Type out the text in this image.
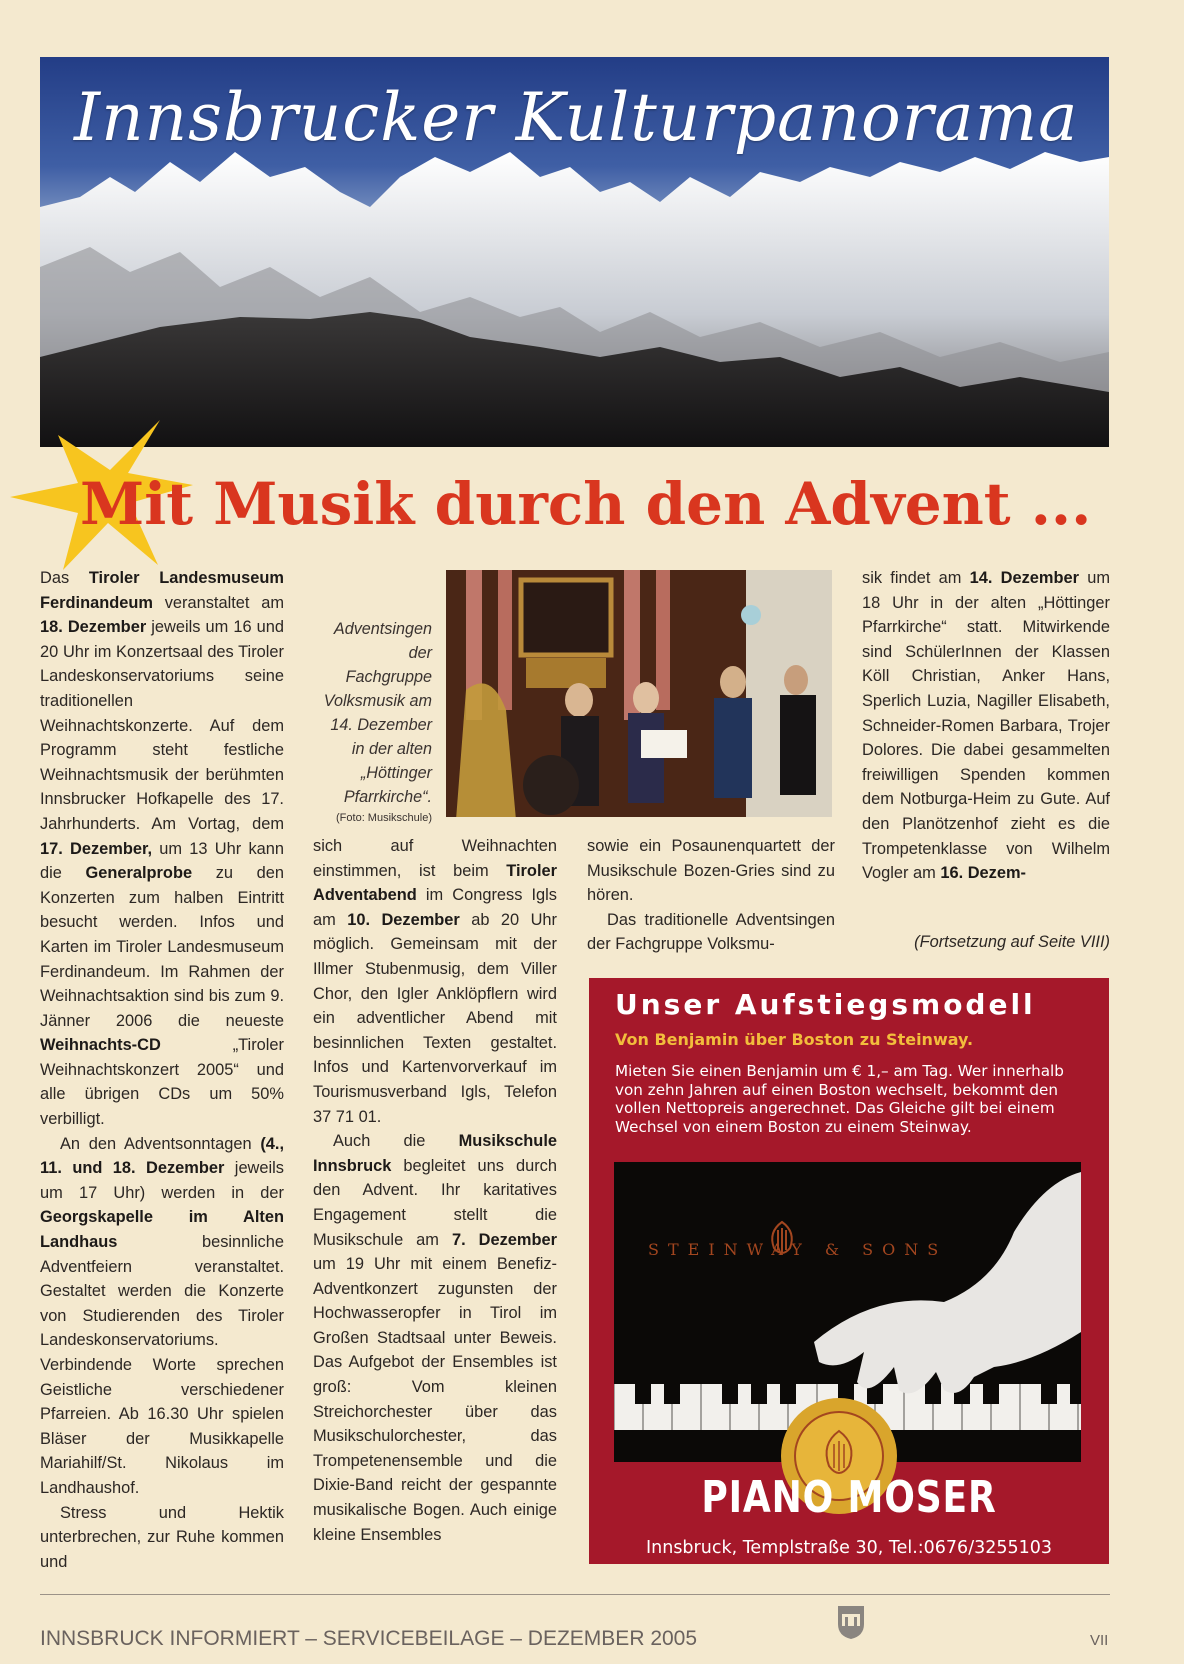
Innsbrucker Kulturpanorama
Mit Musik durch den Advent ...

Das Tiroler Landesmuseum Ferdinandeum veranstaltet am 18. Dezember jeweils um 16 und 20 Uhr im Konzertsaal des Tiroler Landeskonservatoriums seine traditionellen Weihnachtskonzerte. Auf dem Programm steht festliche Weihnachtsmusik der berühmten Innsbrucker Hofkapelle des 17. Jahrhunderts. Am Vortag, dem 17. Dezember, um 13 Uhr kann die Generalprobe zu den Konzerten zum halben Eintritt besucht werden. Infos und Karten im Tiroler Landesmuseum Ferdinandeum. Im Rahmen der Weihnachtsaktion sind bis zum 9. Jänner 2006 die neueste Weihnachts-CD „Tiroler Weihnachtskonzert 2005“ und alle übrigen CDs um 50% verbilligt.

An den Adventsonntagen (4., 11. und 18. Dezember jeweils um 17 Uhr) werden in der Georgskapelle im Alten Landhaus besinnliche Adventfeiern veranstaltet. Gestaltet werden die Konzerte von Studierenden des Tiroler Landeskonservatoriums. Verbindende Worte sprechen Geistliche verschiedener Pfarreien. Ab 16.30 Uhr spielen Bläser der Musikkapelle Mariahilf/St. Nikolaus im Landhaushof.

Stress und Hektik unterbrechen, zur Ruhe kommen und

Adventsingen der Fachgruppe Volksmusik am 14. Dezember in der alten „Höttinger Pfarrkirche“.
(Foto: Musikschule)

sich auf Weihnachten einstimmen, ist beim Tiroler Adventabend im Congress Igls am 10. Dezember ab 20 Uhr möglich. Gemeinsam mit der Illmer Stubenmusig, dem Viller Chor, den Igler Anklöpflern wird ein adventlicher Abend mit besinnlichen Texten gestaltet. Infos und Kartenvorverkauf im Tourismusverband Igls, Telefon 37 71 01.

Auch die Musikschule Innsbruck begleitet uns durch den Advent. Ihr karitatives Engagement stellt die Musikschule am 7. Dezember um 19 Uhr mit einem Benefiz-Adventkonzert zugunsten der Hochwasseropfer in Tirol im Großen Stadtsaal unter Beweis. Das Aufgebot der Ensembles ist groß: Vom kleinen Streichorchester über das Musikschulorchester, das Trompetenensemble und die Dixie-Band reicht der gespannte musikalische Bogen. Auch einige kleine Ensembles

sowie ein Posaunenquartett der Musikschule Bozen-Gries sind zu hören.

Das traditionelle Adventsingen der Fachgruppe Volksmu-

sik findet am 14. Dezember um 18 Uhr in der alten „Höttinger Pfarrkirche“ statt. Mitwirkende sind SchülerInnen der Klassen Köll Christian, Anker Hans, Sperlich Luzia, Nagiller Elisabeth, Schneider-Romen Barbara, Trojer Dolores. Die dabei gesammelten freiwilligen Spenden kommen dem Notburga-Heim zu Gute. Auf den Planötzenhof zieht es die Trompetenklasse von Wilhelm Vogler am 16. Dezem-

(Fortsetzung auf Seite VIII)
Unser Aufstiegsmodell
Von Benjamin über Boston zu Steinway.
Mieten Sie einen Benjamin um € 1,– am Tag. Wer innerhalb von zehn Jahren auf einen Boston wechselt, bekommt den vollen Nettopreis angerechnet. Das Gleiche gilt bei einem Wechsel von einem Boston zu einem Steinway.
STEINWAY & SONS
PIANO MOSER
Innsbruck, Templstraße 30, Tel.:0676/3255103
INNSBRUCK INFORMIERT – SERVICEBEILAGE – DEZEMBER 2005	VII
